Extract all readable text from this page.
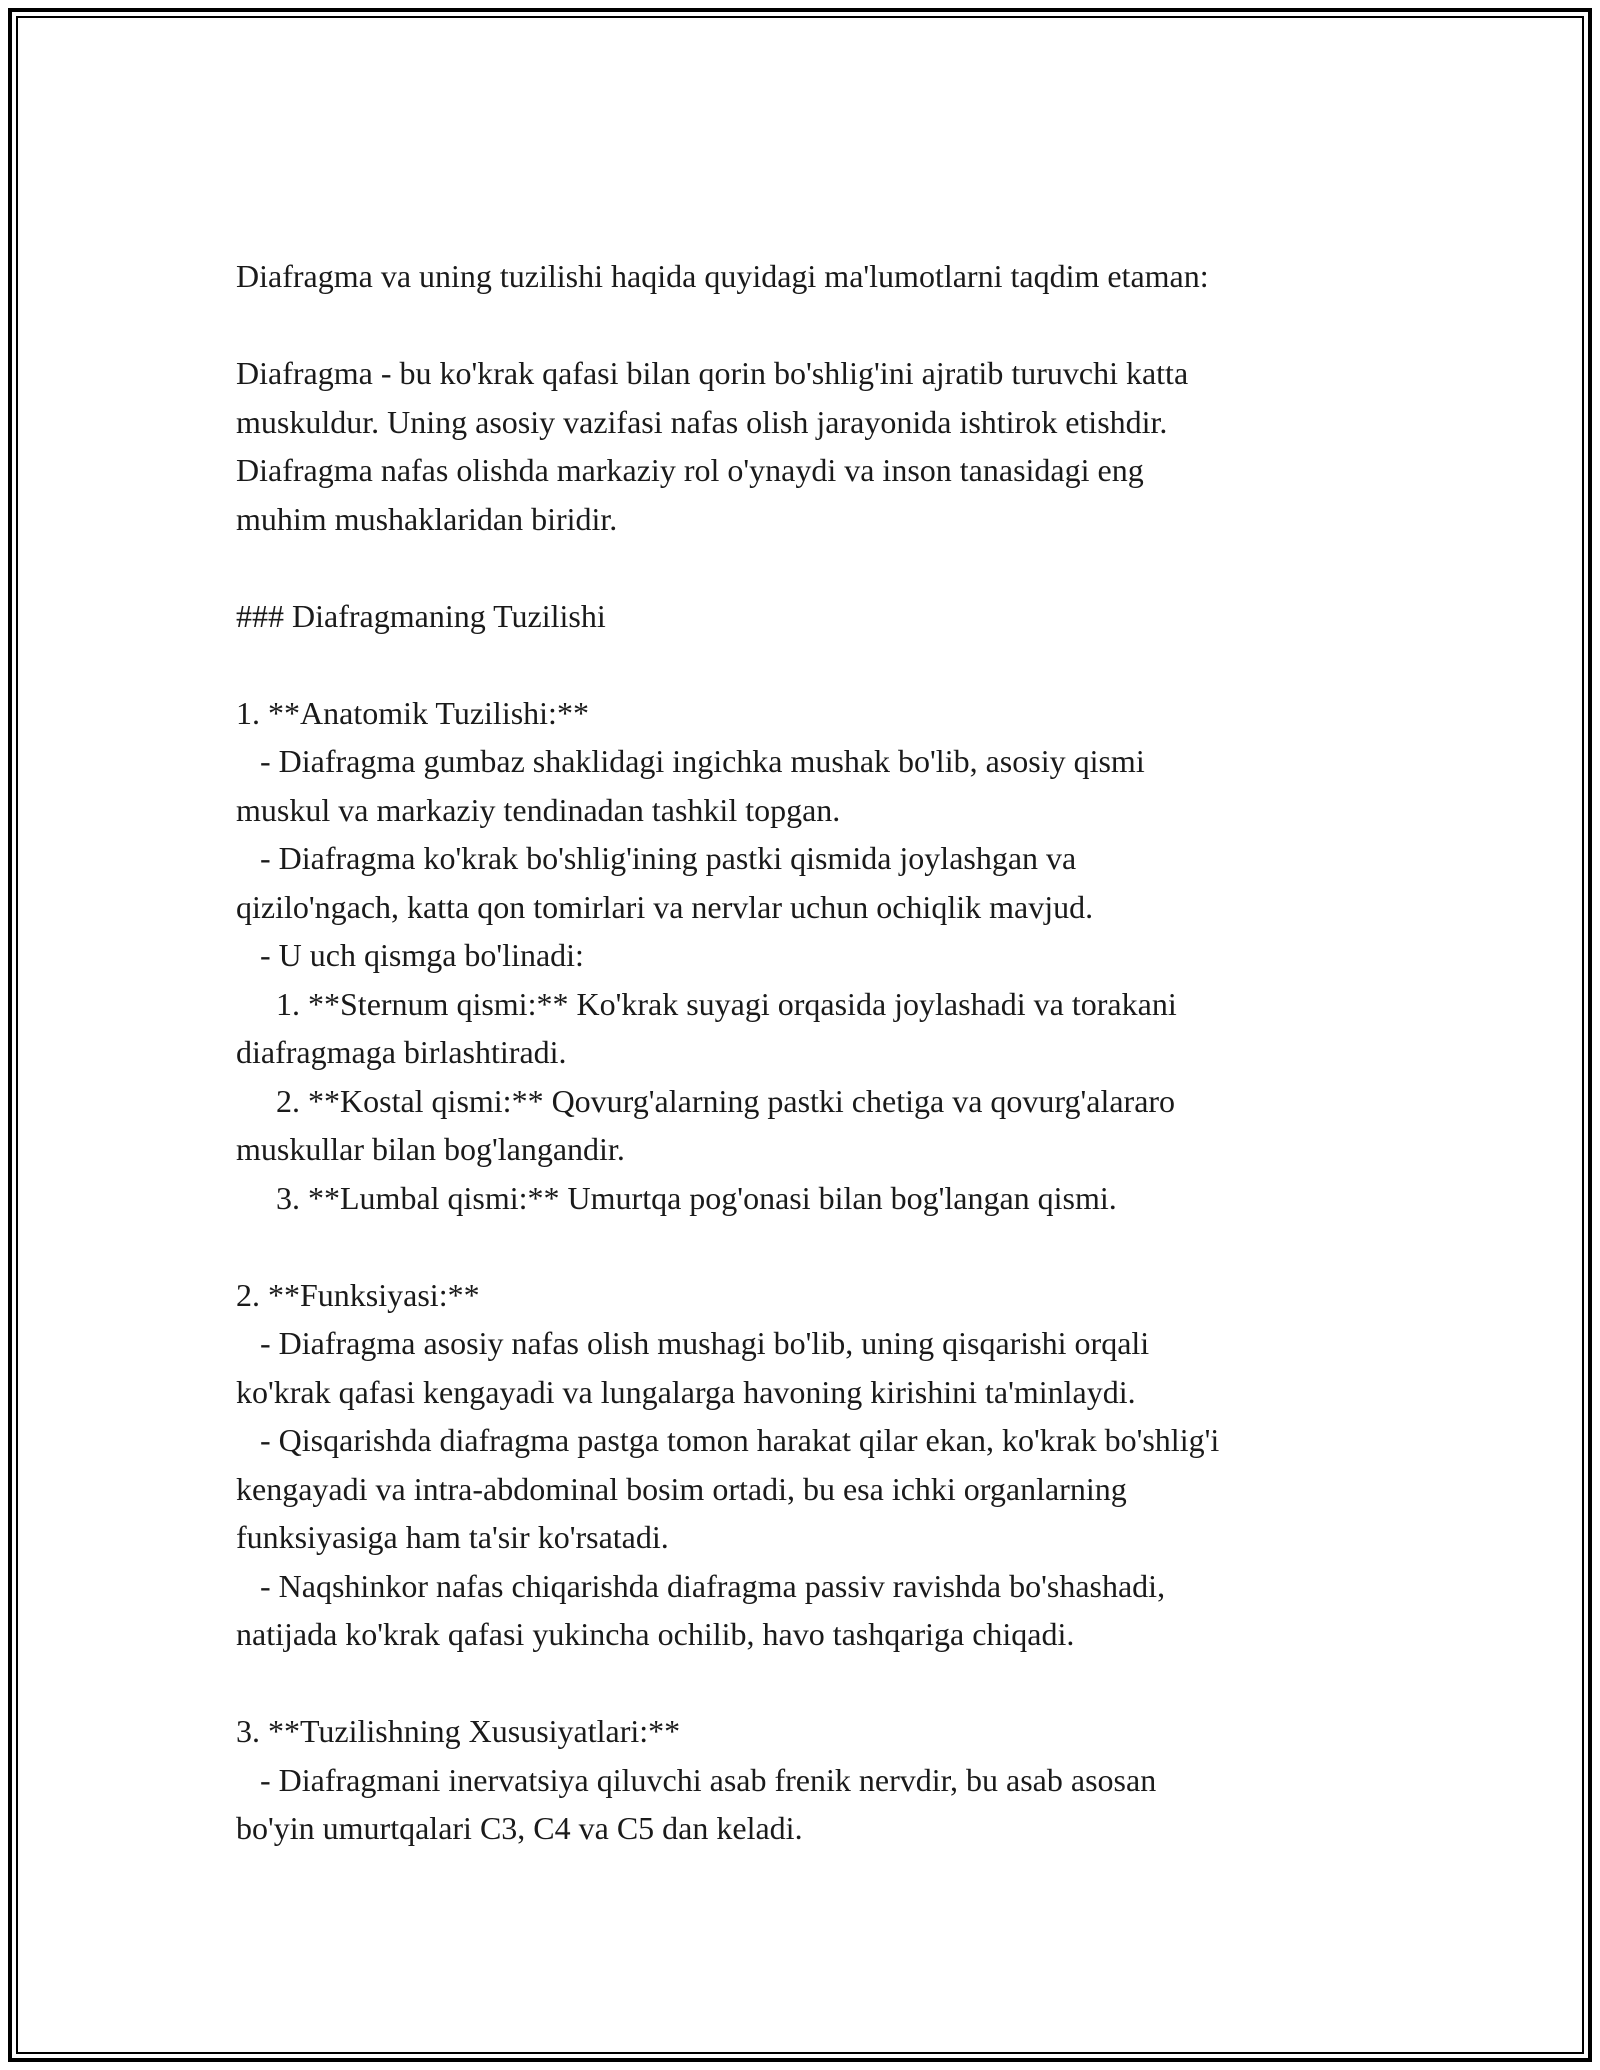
Diafragma va uning tuzilishi haqida quyidagi ma'lumotlarni taqdim etaman:
Diafragma - bu ko'krak qafasi bilan qorin bo'shlig'ini ajratib turuvchi katta
muskuldur. Uning asosiy vazifasi nafas olish jarayonida ishtirok etishdir.
Diafragma nafas olishda markaziy rol o'ynaydi va inson tanasidagi eng
muhim mushaklaridan biridir.
### Diafragmaning Tuzilishi
1. **Anatomik Tuzilishi:**
- Diafragma gumbaz shaklidagi ingichka mushak bo'lib, asosiy qismi
muskul va markaziy tendinadan tashkil topgan.
- Diafragma ko'krak bo'shlig'ining pastki qismida joylashgan va
qizilo'ngach, katta qon tomirlari va nervlar uchun ochiqlik mavjud.
- U uch qismga bo'linadi:
1. **Sternum qismi:** Ko'krak suyagi orqasida joylashadi va torakani
diafragmaga birlashtiradi.
2. **Kostal qismi:** Qovurg'alarning pastki chetiga va qovurg'alararo
muskullar bilan bog'langandir.
3. **Lumbal qismi:** Umurtqa pog'onasi bilan bog'langan qismi.
2. **Funksiyasi:**
- Diafragma asosiy nafas olish mushagi bo'lib, uning qisqarishi orqali
ko'krak qafasi kengayadi va lungalarga havoning kirishini ta'minlaydi.
- Qisqarishda diafragma pastga tomon harakat qilar ekan, ko'krak bo'shlig'i
kengayadi va intra-abdominal bosim ortadi, bu esa ichki organlarning
funksiyasiga ham ta'sir ko'rsatadi.
- Naqshinkor nafas chiqarishda diafragma passiv ravishda bo'shashadi,
natijada ko'krak qafasi yukincha ochilib, havo tashqariga chiqadi.
3. **Tuzilishning Xususiyatlari:**
- Diafragmani inervatsiya qiluvchi asab frenik nervdir, bu asab asosan
bo'yin umurtqalari C3, C4 va C5 dan keladi.
